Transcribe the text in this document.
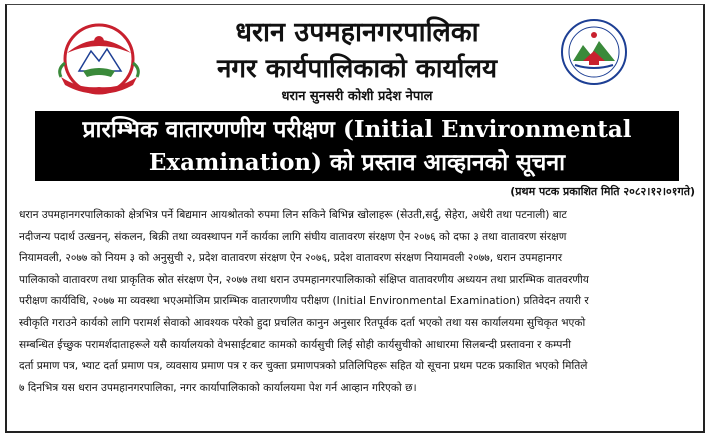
धरान उपमहानगरपालिका
नगर कार्यपालिकाको कार्यालय
धरान सुनसरी कोशी प्रदेश नेपाल
प्रारम्भिक वातारणणीय परीक्षण (Initial Environmental
Examination) को प्रस्ताव आव्हानको सूचना
(प्रथम पटक प्रकाशित मिति २०८२।१२।०१गते)
धरान उपमहानगरपालिकाको क्षेत्रभित्र पर्ने बिद्यमान आयश्रोतको रुपमा लिन सकिने बिभिन्न खोलाहरू (सेउती,सर्दु, सेहेरा, अधेरी तथा पटनाली) बाट
नदीजन्य पदार्थ उत्खनन्, संकलन, बिक्री तथा व्यवस्थापन गर्ने कार्यका लागि संघीय वातावरण संरक्षण ऐन २०७६ को दफा ३ तथा वातावरण संरक्षण
नियामवली, २०७७ को नियम ३ को अनुसुची २, प्रदेश वातावरण संरक्षण ऐन २०७६, प्रदेश वातावरण संरक्षण नियामवली २०७७, धरान उपमहानगर
पालिकाको वातावरण तथा प्राकृतिक स्रोत संरक्षण ऐन, २०७७ तथा धरान उपमहानगरपालिकाको संक्षिप्त वातावरणीय अध्ययन तथा प्रारम्भिक वातवरणीय
परीक्षण कार्यविधि, २०७७ मा व्यवस्था भएअमोजिम प्रारम्भिक वातारणणीय परीक्षण (Initial Environmental Examination) प्रतिवेदन तयारी र
स्वीकृति गराउने कार्यको लागि परामर्श सेवाको आवश्यक परेको हुदा प्रचलित कानुन अनुसार रितपूर्वक दर्ता भएको तथा यस कार्यालयमा सुचिकृत भएको
सम्बन्धित ईच्छुक परामर्शदाताहरूले यसै कार्यालयको वेभसाईटबाट कामको कार्यसुची लिई सोही कार्यसुचीको आधारमा सिलबन्दी प्रस्तावना र कम्पनी
दर्ता प्रमाण पत्र, भ्याट दर्ता प्रमाण पत्र, व्यवसाय प्रमाण पत्र र कर चुक्ता प्रमाणपत्रको प्रतिलिपिहरू सहित यो सूचना प्रथम पटक प्रकाशित भएको मितिले
७ दिनभित्र यस धरान उपमहानगरपालिका, नगर कार्यापालिकाको कार्यालयमा पेश गर्न आव्हान गरिएको छ।
